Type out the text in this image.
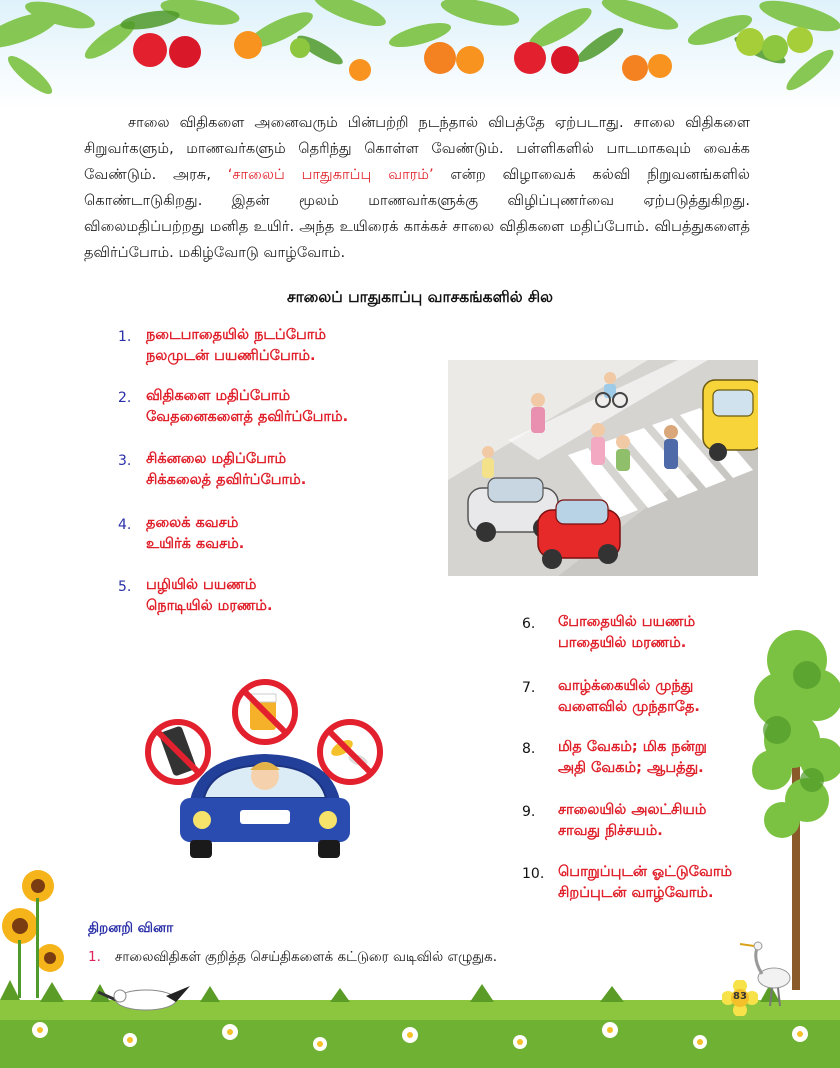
சாலை விதிகளை அனைவரும் பின்பற்றி நடந்தால் விபத்தே ஏற்படாது. சாலை விதிகளை சிறுவர்களும், மாணவர்களும் தெரிந்து கொள்ள வேண்டும். பள்ளிகளில் பாடமாகவும் வைக்க வேண்டும். அரசு, ‘சாலைப் பாதுகாப்பு வாரம்’ என்ற விழாவைக் கல்வி நிறுவனங்களில் கொண்டாடுகிறது. இதன் மூலம் மாணவர்களுக்கு விழிப்புணர்வை ஏற்படுத்துகிறது. விலைமதிப்பற்றது மனித உயிர். அந்த உயிரைக் காக்கச் சாலை விதிகளை மதிப்போம். விபத்துகளைத் தவிர்ப்போம். மகிழ்வோடு வாழ்வோம்.

சாலைப் பாதுகாப்பு வாசகங்களில் சில
1.	நடைபாதையில் நடப்போம்
நலமுடன் பயணிப்போம்.
2.	விதிகளை மதிப்போம்
வேதனைகளைத் தவிர்ப்போம்.
3.	சிக்னலை மதிப்போம்
சிக்கலைத் தவிர்ப்போம்.
4.	தலைக் கவசம்
உயிர்க் கவசம்.
5.	பழியில் பயணம்
நொடியில் மரணம்.
6.	போதையில் பயணம்
பாதையில் மரணம்.
7.	வாழ்க்கையில் முந்து
வளைவில் முந்தாதே.
8.	மித வேகம்; மிக நன்று
அதி வேகம்; ஆபத்து.
9.	சாலையில் அலட்சியம்
சாவது நிச்சயம்.
10. பொறுப்புடன் ஓட்டுவோம்
சிறப்புடன் வாழ்வோம்.
திறனறி வினா
1. சாலைவிதிகள் குறித்த செய்திகளைக் கட்டுரை வடிவில் எழுதுக.
83
